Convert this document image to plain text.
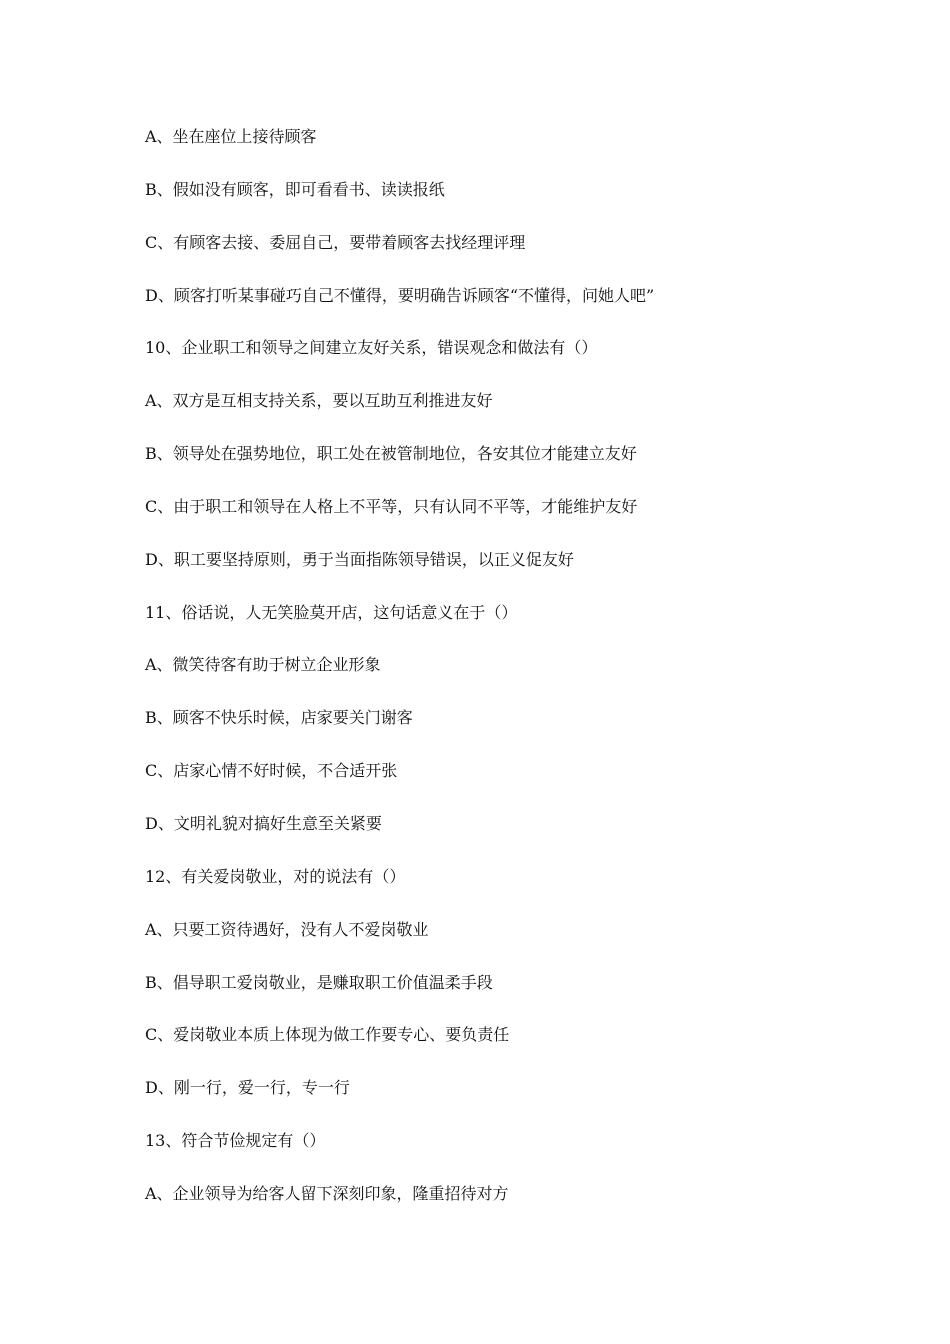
A、坐在座位上接待顾客
B、假如没有顾客，即可看看书、读读报纸
C、有顾客去接、委屈自己，要带着顾客去找经理评理
D、顾客打听某事碰巧自己不懂得，要明确告诉顾客“不懂得，问她人吧”
10、企业职工和领导之间建立友好关系，错误观念和做法有（）
A、双方是互相支持关系，要以互助互利推进友好
B、领导处在强势地位，职工处在被管制地位，各安其位才能建立友好
C、由于职工和领导在人格上不平等，只有认同不平等，才能维护友好
D、职工要坚持原则，勇于当面指陈领导错误，以正义促友好
11、俗话说，人无笑脸莫开店，这句话意义在于（）
A、微笑待客有助于树立企业形象
B、顾客不快乐时候，店家要关门谢客
C、店家心情不好时候，不合适开张
D、文明礼貌对搞好生意至关紧要
12、有关爱岗敬业，对的说法有（）
A、只要工资待遇好，没有人不爱岗敬业
B、倡导职工爱岗敬业，是赚取职工价值温柔手段
C、爱岗敬业本质上体现为做工作要专心、要负责任
D、刚一行，爱一行，专一行
13、符合节俭规定有（）
A、企业领导为给客人留下深刻印象，隆重招待对方
